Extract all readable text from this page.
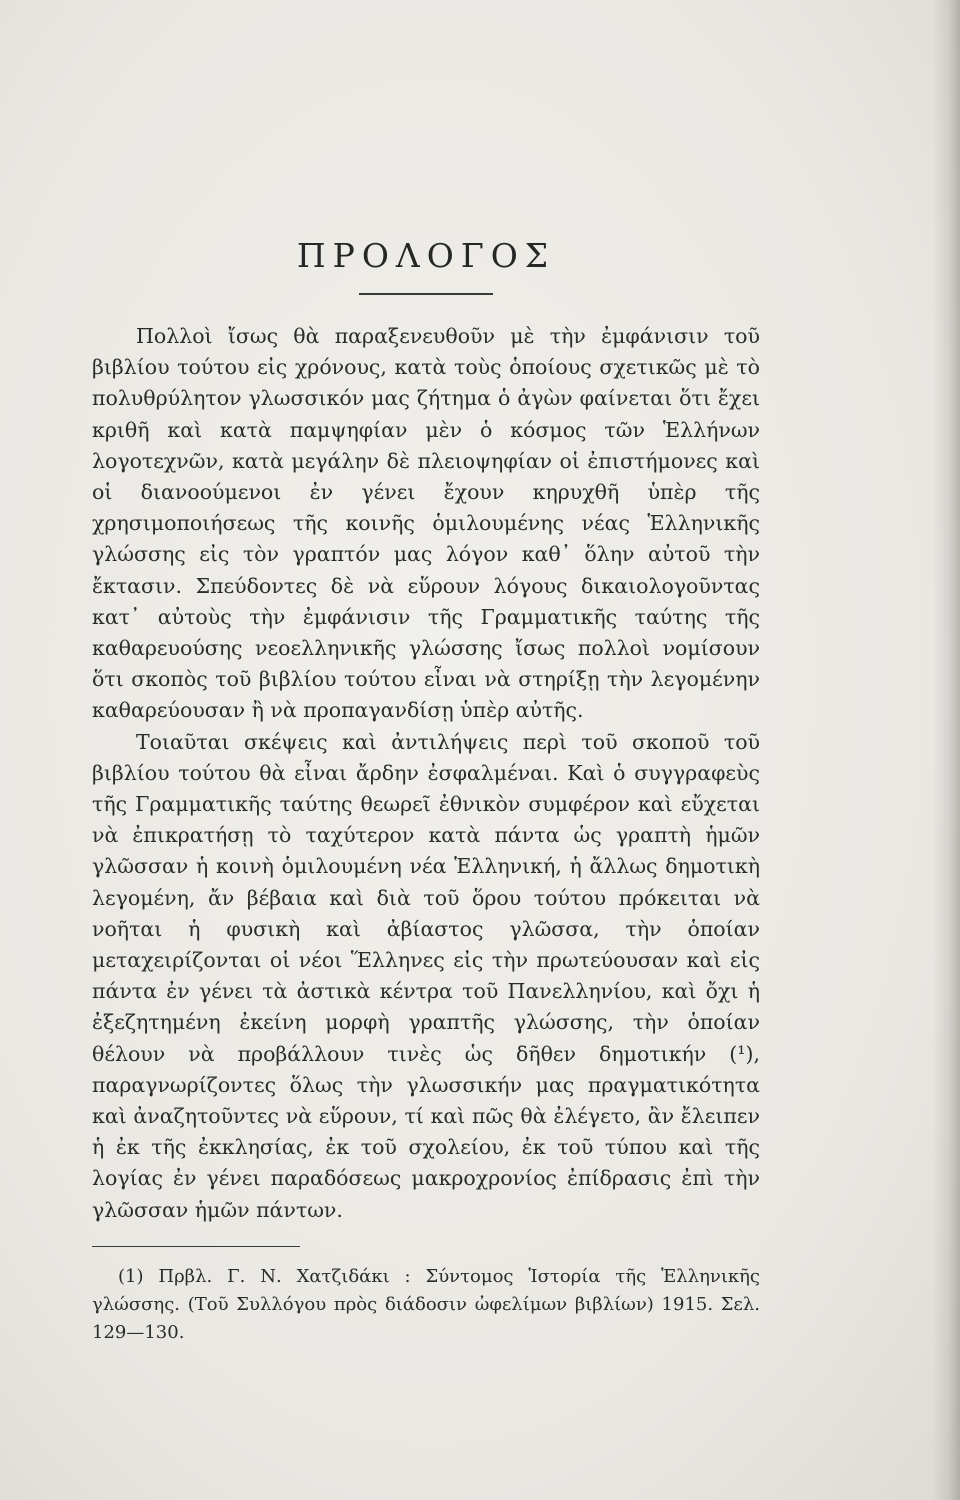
ΠΡΟΛΟΓΟΣ

Πολλοὶ ἴσως θὰ παραξενευθοῦν μὲ τὴν ἐμφάνισιν τοῦ βιβλίου τούτου εἰς χρόνους, κατὰ τοὺς ὁποίους σχετικῶς μὲ τὸ πολυθρύλητον γλωσσικόν μας ζήτημα ὁ ἀγὼν φαίνεται ὅτι ἔχει κριθῆ καὶ κατὰ παμψηφίαν μὲν ὁ κόσμος τῶν Ἑλλήνων λογοτεχνῶν, κατὰ μεγάλην δὲ πλειοψηφίαν οἱ ἐπιστήμονες καὶ οἱ διανοούμενοι ἐν γένει ἔχουν κηρυχθῆ ὑπὲρ τῆς χρησιμοποιήσεως τῆς κοινῆς ὁμιλουμένης νέας Ἑλληνικῆς γλώσσης εἰς τὸν γραπτόν μας λόγον καθ᾽ ὅλην αὐτοῦ τὴν ἔκτασιν. Σπεύδοντες δὲ νὰ εὕρουν λόγους δικαιολογοῦντας κατ᾽ αὐτοὺς τὴν ἐμφάνισιν τῆς Γραμματικῆς ταύτης τῆς καθαρευούσης νεοελληνικῆς γλώσσης ἴσως πολλοὶ νομίσουν ὅτι σκοπὸς τοῦ βιβλίου τούτου εἶναι νὰ στηρίξῃ τὴν λεγομένην καθαρεύουσαν ἢ νὰ προπαγανδίσῃ ὑπὲρ αὐτῆς.

Τοιαῦται σκέψεις καὶ ἀντιλήψεις περὶ τοῦ σκοποῦ τοῦ βιβλίου τούτου θὰ εἶναι ἄρδην ἐσφαλμέναι. Καὶ ὁ συγγραφεὺς τῆς Γραμματικῆς ταύτης θεωρεῖ ἐθνικὸν συμφέρον καὶ εὔχεται νὰ ἐπικρατήσῃ τὸ ταχύτερον κατὰ πάντα ὡς γραπτὴ ἡμῶν γλῶσσαν ἡ κοινὴ ὁμιλουμένη νέα Ἑλληνική, ἡ ἄλλως δημοτικὴ λεγομένη, ἄν βέβαια καὶ διὰ τοῦ ὅρου τούτου πρόκειται νὰ νοῆται ἡ φυσικὴ καὶ ἀβίαστος γλῶσσα, τὴν ὁποίαν μεταχειρίζονται οἱ νέοι Ἕλληνες εἰς τὴν πρωτεύουσαν καὶ εἰς πάντα ἐν γένει τὰ ἀστικὰ κέντρα τοῦ Πανελληνίου, καὶ ὄχι ἡ ἐξεζητημένη ἐκείνη μορφὴ γραπτῆς γλώσσης, τὴν ὁποίαν θέλουν νὰ προβάλλουν τινὲς ὡς δῆθεν δημοτικήν (¹), παραγνωρίζοντες ὅλως τὴν γλωσσικήν μας πραγματικότητα καὶ ἀναζητοῦντες νὰ εὕρουν, τί καὶ πῶς θὰ ἐλέγετο, ἂν ἔλειπεν ἡ ἐκ τῆς ἐκκλησίας, ἐκ τοῦ σχολείου, ἐκ τοῦ τύπου καὶ τῆς λογίας ἐν γένει παραδόσεως μακροχρονίος ἐπίδρασις ἐπὶ τὴν γλῶσσαν ἡμῶν πάντων.

(1) Πρβλ. Γ. Ν. Χατζιδάκι : Σύντομος Ἱστορία τῆς Ἑλληνικῆς γλώσσης. (Τοῦ Συλλόγου πρὸς διάδοσιν ὠφελίμων βιβλίων) 1915. Σελ. 129—130.
